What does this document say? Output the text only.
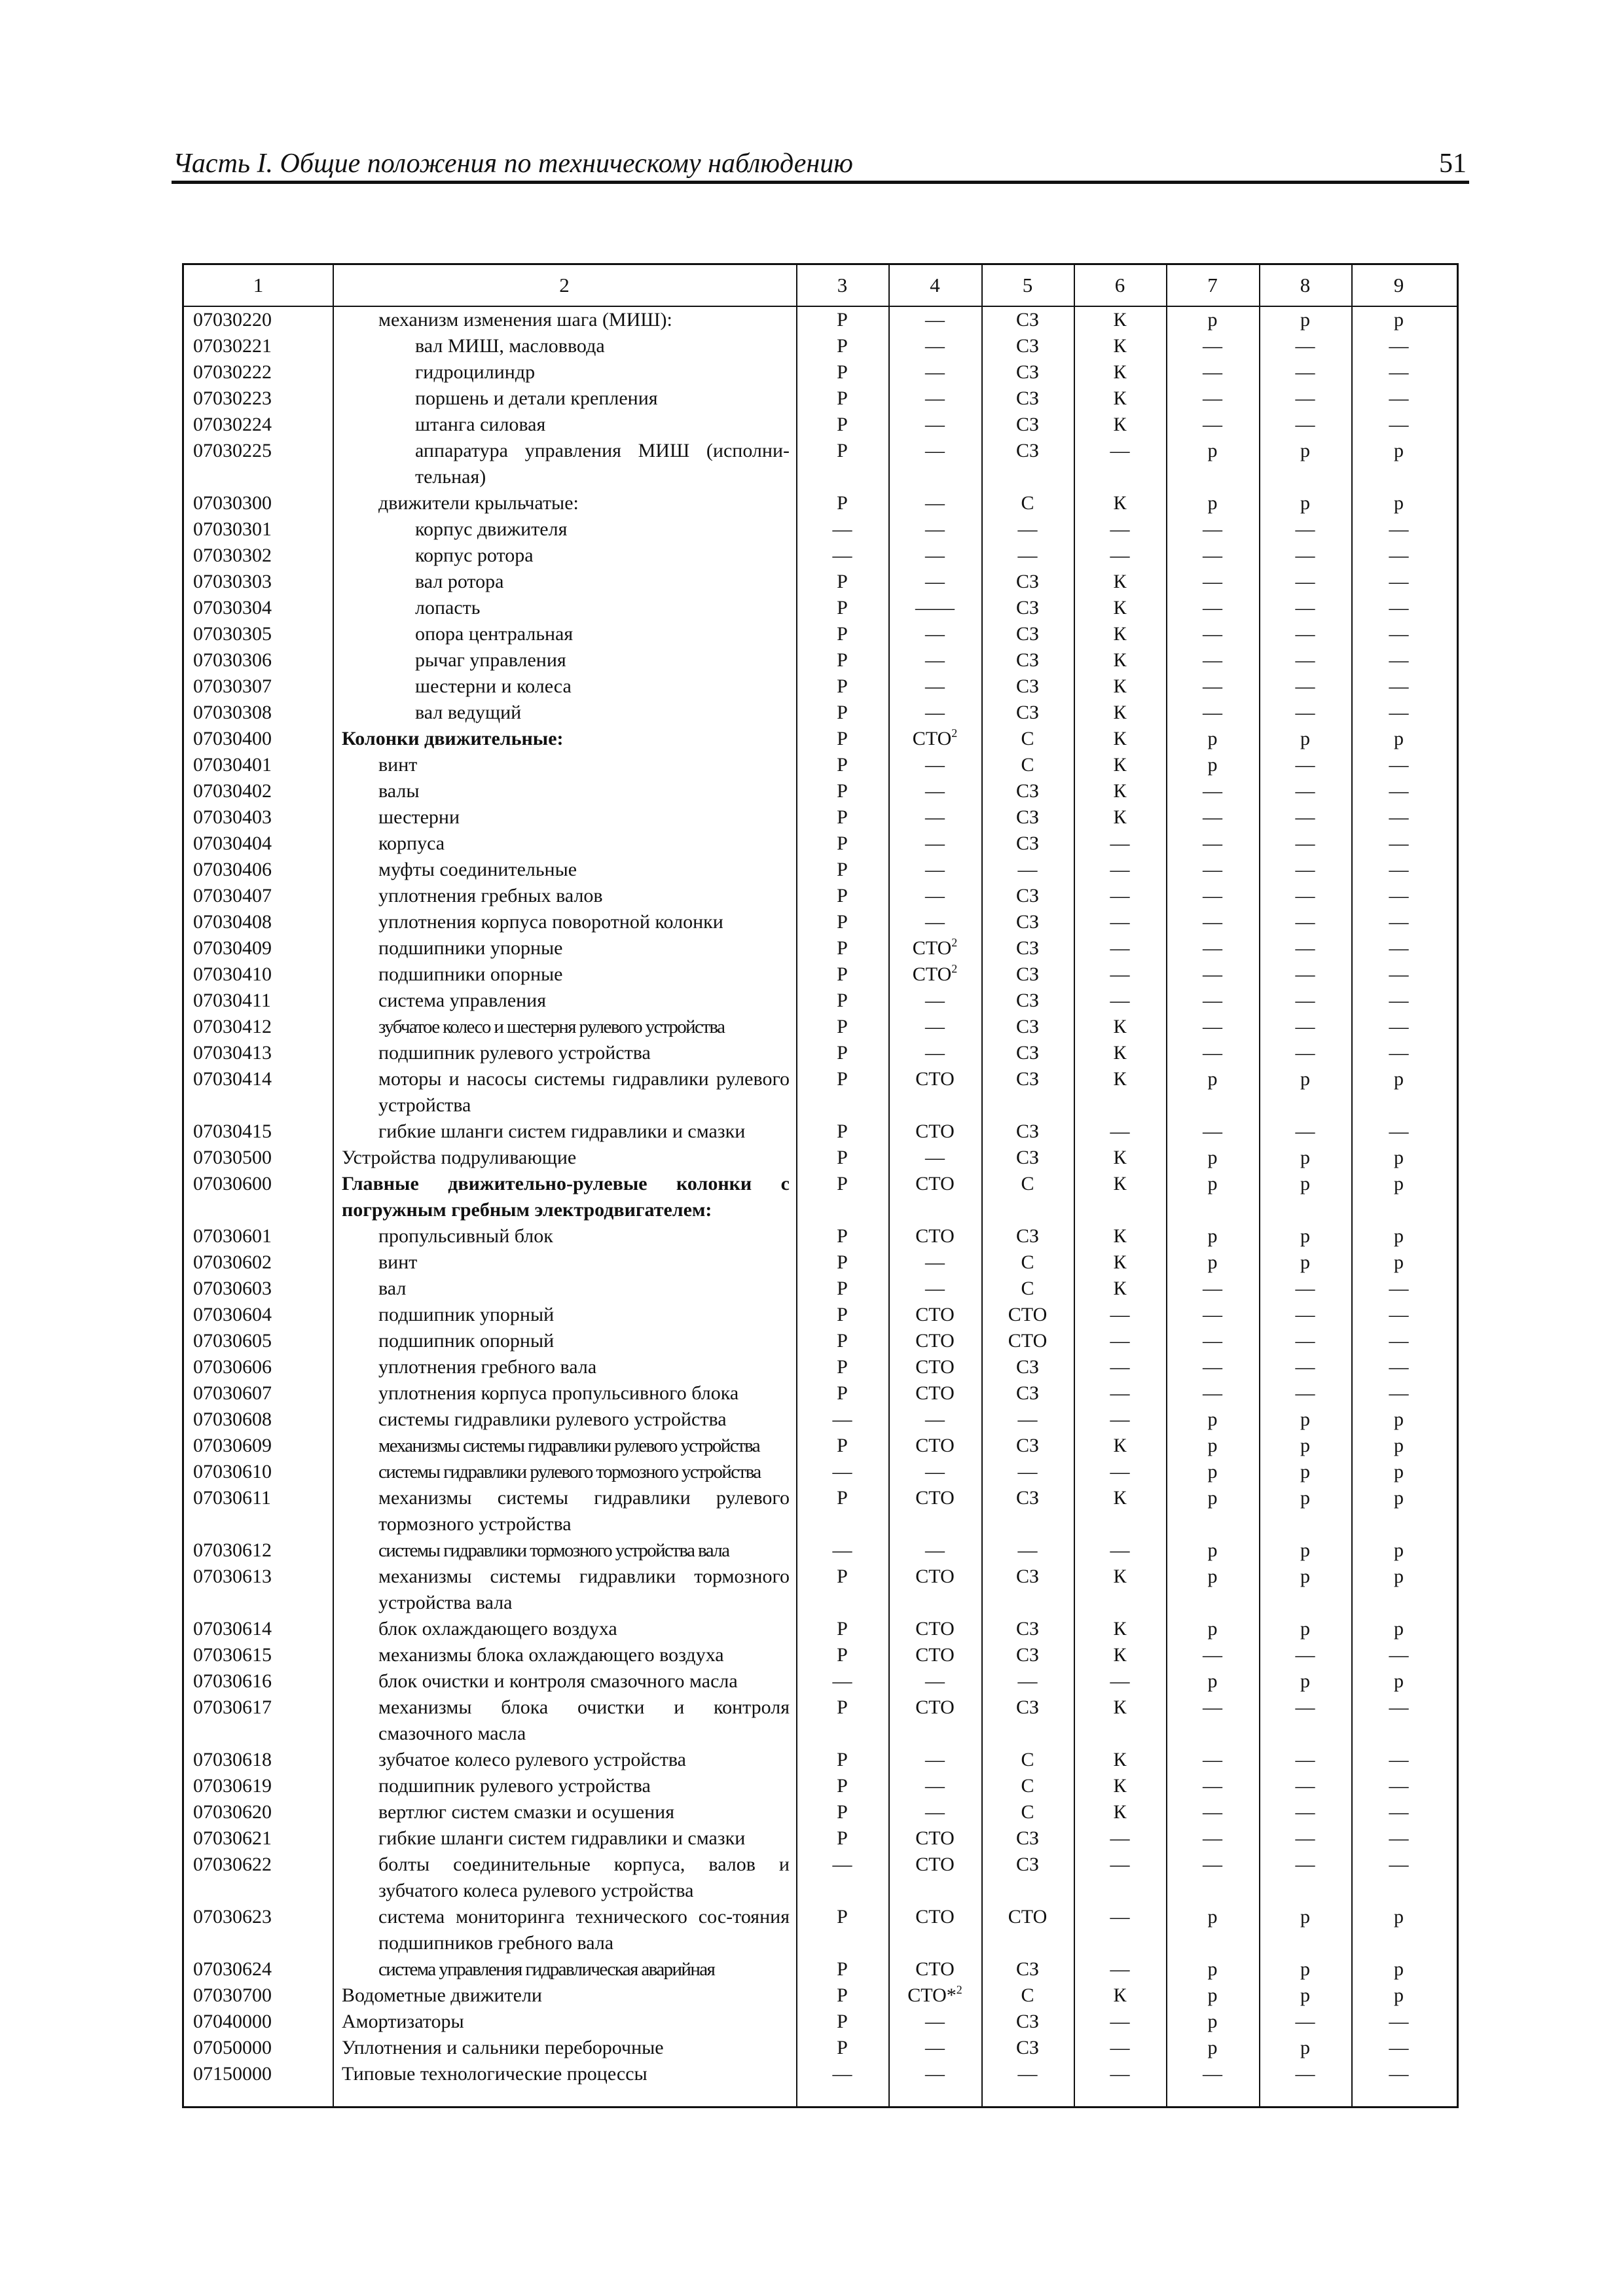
Часть I. Общие положения по техническому наблюдению	51
1	2	3	4	5	6	7	8	9
07030220	механизм изменения шага (МИШ):	Р	—	СЗ	К	р	р	р
07030221	вал МИШ, масловвода	Р	—	СЗ	К	—	—	—
07030222	гидроцилиндр	Р	—	СЗ	К	—	—	—
07030223	поршень и детали крепления	Р	—	СЗ	К	—	—	—
07030224	штанга силовая	Р	—	СЗ	К	—	—	—
07030225	аппаратура управления МИШ (исполни-тельная)
Р	—	СЗ	—	р	р	р
07030300	движители крыльчатые:	Р	—	С	К	р	р	р
07030301	корпус движителя	—	—	—	—	—	—	—
07030302	корпус ротора	—	—	—	—	—	—	—
07030303	вал ротора	Р	—	СЗ	К	—	—	—
07030304	лопасть	Р	——	СЗ	К	—	—	—
07030305	опора центральная	Р	—	СЗ	К	—	—	—
07030306	рычаг управления	Р	—	СЗ	К	—	—	—
07030307	шестерни и колеса	Р	—	СЗ	К	—	—	—
07030308	вал ведущий	Р	—	СЗ	К	—	—	—
07030400	Колонки движительные:	Р	СТО$^2$	С	К	р	р	р
07030401	винт	Р	—	С	К	р	—	—
07030402	валы	Р	—	СЗ	К	—	—	—
07030403	шестерни	Р	—	СЗ	К	—	—	—
07030404	корпуса	Р	—	СЗ	—	—	—	—
07030406	муфты соединительные	Р	—	—	—	—	—	—
07030407	уплотнения гребных валов	Р	—	СЗ	—	—	—	—
07030408	уплотнения корпуса поворотной колонки	Р	—	СЗ	—	—	—	—
07030409	подшипники упорные	Р	СТО$^2$	СЗ	—	—	—	—
07030410	подшипники опорные	Р	СТО$^2$	СЗ	—	—	—	—
07030411	система управления	Р	—	СЗ	—	—	—	—
07030412	зубчатое колесо и шестерня рулевого устройства	Р	—	СЗ	К	—	—	—
07030413	подшипник рулевого устройства	Р	—	СЗ	К	—	—	—
07030414	моторы и насосы системы гидравлики рулевого устройства
Р	СТО	СЗ	К	р	р	р
07030415	гибкие шланги систем гидравлики и смазки	Р	СТО	СЗ	—	—	—	—
07030500	Устройства подруливающие	Р	—	СЗ	К	р	р	р
07030600	Главные движительно-рулевые колонки с погружным гребным электродвигателем:
Р	СТО	С	К	р	р	р
07030601	пропульсивный блок	Р	СТО	СЗ	К	р	р	р
07030602	винт	Р	—	С	К	р	р	р
07030603	вал	Р	—	С	К	—	—	—
07030604	подшипник упорный	Р	СТО	СТО	—	—	—	—
07030605	подшипник опорный	Р	СТО	СТО	—	—	—	—
07030606	уплотнения гребного вала	Р	СТО	СЗ	—	—	—	—
07030607	уплотнения корпуса пропульсивного блока	Р	СТО	СЗ	—	—	—	—
07030608	системы гидравлики рулевого устройства	—	—	—	—	р	р	р
07030609	механизмы системы гидравлики рулевого устройства	Р	СТО	СЗ	К	р	р	р
07030610	системы гидравлики рулевого тормозного устройства	—	—	—	—	р	р	р
07030611	механизмы системы гидравлики рулевого тормозного устройства
Р	СТО	СЗ	К	р	р	р
07030612	системы гидравлики тормозного устройства вала	—	—	—	—	р	р	р
07030613	механизмы системы гидравлики тормозного устройства вала
Р	СТО	СЗ	К	р	р	р
07030614	блок охлаждающего воздуха	Р	СТО	СЗ	К	р	р	р
07030615	механизмы блока охлаждающего воздуха	Р	СТО	СЗ	К	—	—	—
07030616	блок очистки и контроля смазочного масла	—	—	—	—	р	р	р
07030617	механизмы блока очистки и контроля смазочного масла
Р	СТО	СЗ	К	—	—	—
07030618	зубчатое колесо рулевого устройства	Р	—	С	К	—	—	—
07030619	подшипник рулевого устройства	Р	—	С	К	—	—	—
07030620	вертлюг систем смазки и осушения	Р	—	С	К	—	—	—
07030621	гибкие шланги систем гидравлики и смазки	Р	СТО	СЗ	—	—	—	—
07030622	болты соединительные корпуса, валов и зубчатого колеса рулевого устройства
—	СТО	СЗ	—	—	—	—
07030623	система мониторинга технического сос-тояния подшипников гребного вала
Р	СТО	СТО	—	р	р	р
07030624	система управления гидравлическая аварийная	Р	СТО	СЗ	—	р	р	р
07030700	Водометные движители	Р	СТО*$^2$	С	К	р	р	р
07040000	Амортизаторы	Р	—	СЗ	—	р	—	—
07050000	Уплотнения и сальники переборочные	Р	—	СЗ	—	р	р	—
07150000	Типовые технологические процессы	—	—	—	—	—	—	—
